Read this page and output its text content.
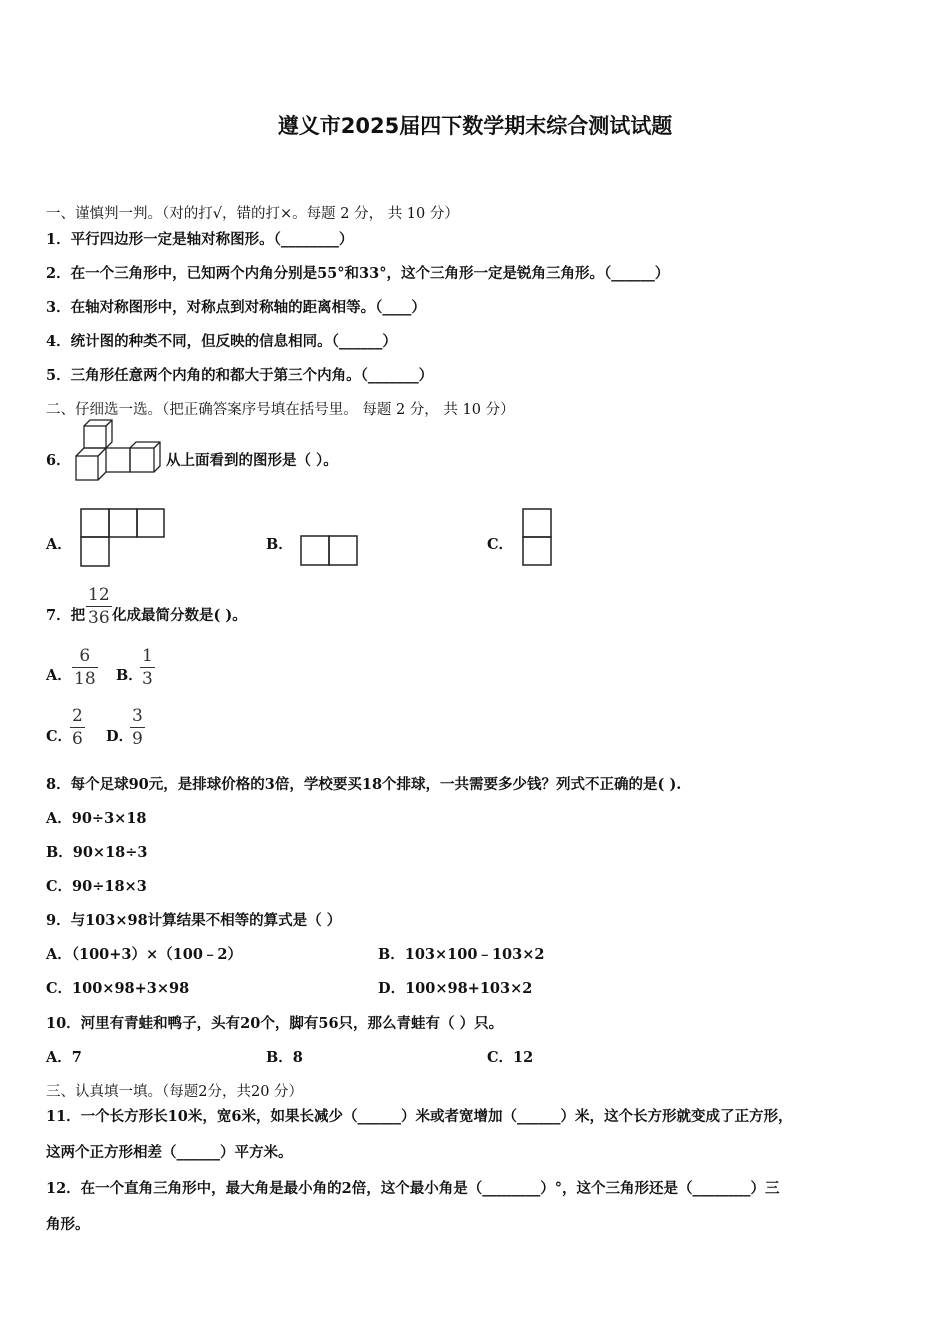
遵义市2025届四下数学期末综合测试试题
一、谨慎判一判。（对的打√，错的打×。每题 2 分， 共 10 分）
1．平行四边形一定是轴对称图形。（________）
2．在一个三角形中，已知两个内角分别是55°和33°，这个三角形一定是锐角三角形。（______）
3．在轴对称图形中，对称点到对称轴的距离相等。（____）
4．统计图的种类不同，但反映的信息相同。（______）
5．三角形任意两个内角的和都大于第三个内角。（_______）
二、仔细选一选。（把正确答案序号填在括号里。 每题 2 分， 共 10 分）
6．	从上面看到的图形是（ ）。
A．	B．	C．
7．把
12
36 化成最简分数是( )。
A．
6
18 B．
1
3
C．
2
6 D．
3
9
8．每个足球90元，是排球价格的3倍，学校要买18个排球，一共需要多少钱？列式不正确的是( ).
A．90÷3×18
B．90×18÷3
C．90÷18×3
9．与103×98计算结果不相等的算式是（ ）
A．（100+3）×（100﹣2）	B．103×100﹣103×2
C．100×98+3×98	D．100×98+103×2
10．河里有青蛙和鸭子，头有20个，脚有56只，那么青蛙有（ ）只。
A．7	B．8	C．12
三、认真填一填。（每题2分，共20 分）
11．一个长方形长10米，宽6米，如果长减少（______）米或者宽增加（______）米，这个长方形就变成了正方形，
这两个正方形相差（______）平方米。
12．在一个直角三角形中，最大角是最小角的2倍，这个最小角是（________）°，这个三角形还是（________）三
角形。
